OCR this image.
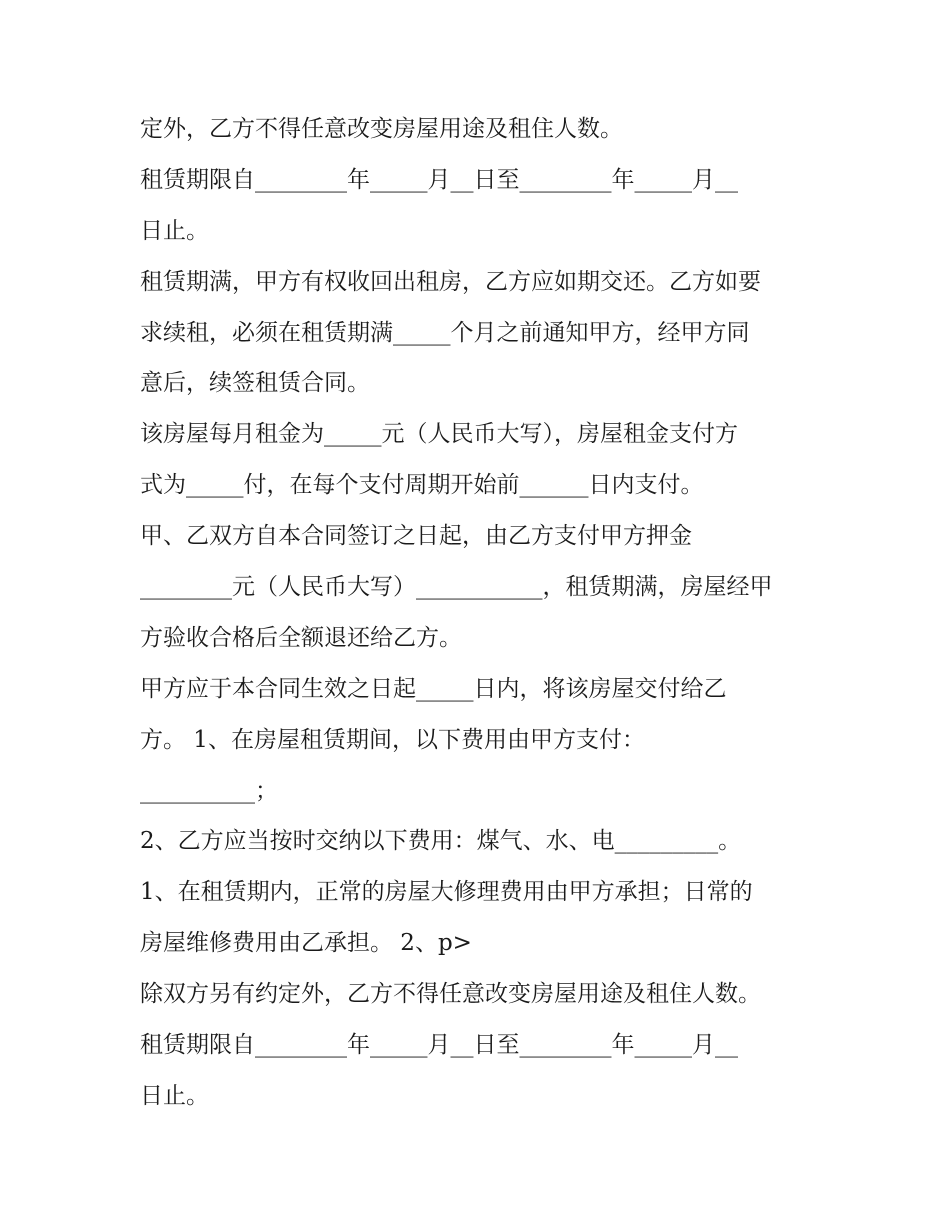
定外，乙方不得任意改变房屋用途及租住人数。
租赁期限自________年_____月__日至________年_____月__
日止。
租赁期满，甲方有权收回出租房，乙方应如期交还。乙方如要
求续租，必须在租赁期满_____个月之前通知甲方，经甲方同
意后，续签租赁合同。
该房屋每月租金为_____元（人民币大写），房屋租金支付方
式为_____付，在每个支付周期开始前______日内支付。
甲、乙双方自本合同签订之日起，由乙方支付甲方押金
________元（人民币大写）___________，租赁期满，房屋经甲
方验收合格后全额退还给乙方。
甲方应于本合同生效之日起_____日内，将该房屋交付给乙
方。 1、在房屋租赁期间，以下费用由甲方支付：
__________；
2、乙方应当按时交纳以下费用：煤气、水、电_________。
1、在租赁期内，正常的房屋大修理费用由甲方承担；日常的
房屋维修费用由乙承担。 2、p>
除双方另有约定外，乙方不得任意改变房屋用途及租住人数。
租赁期限自________年_____月__日至________年_____月__
日止。
